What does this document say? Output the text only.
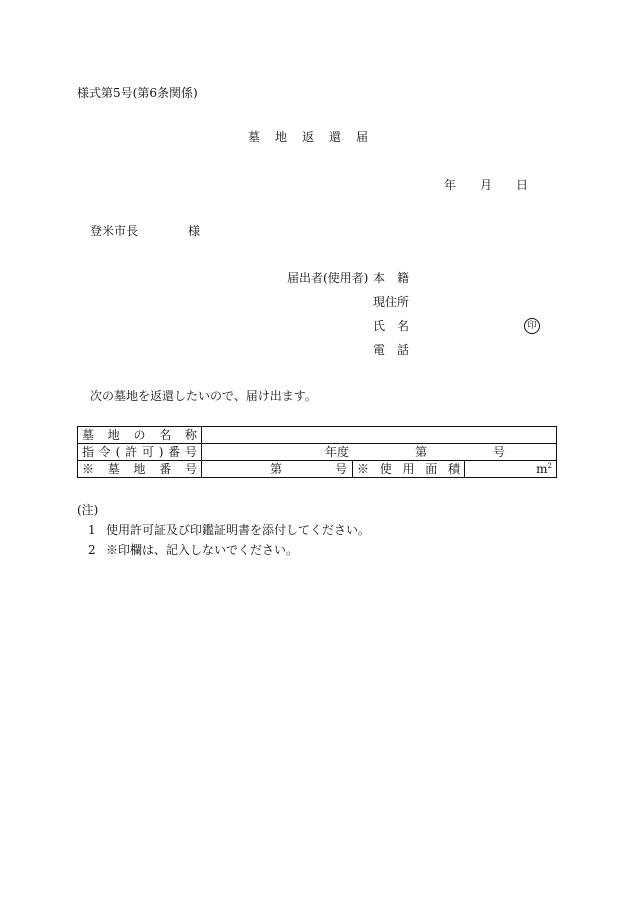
様式第5号(第6条関係)
墓 地 返 還 届
年 月 日
登米市長	様
届出者(使用者) 本　籍
現住所
氏　名	印
電　話
次の墓地を返還したいので、届け出ます。
墓地の名称			
指令(許可)番号	年度 第 号		
※墓地番号	第 号	※使用面積	$m^2$
(注)
1 使用許可証及び印鑑証明書を添付してください。
2 ※印欄は、記入しないでください。
